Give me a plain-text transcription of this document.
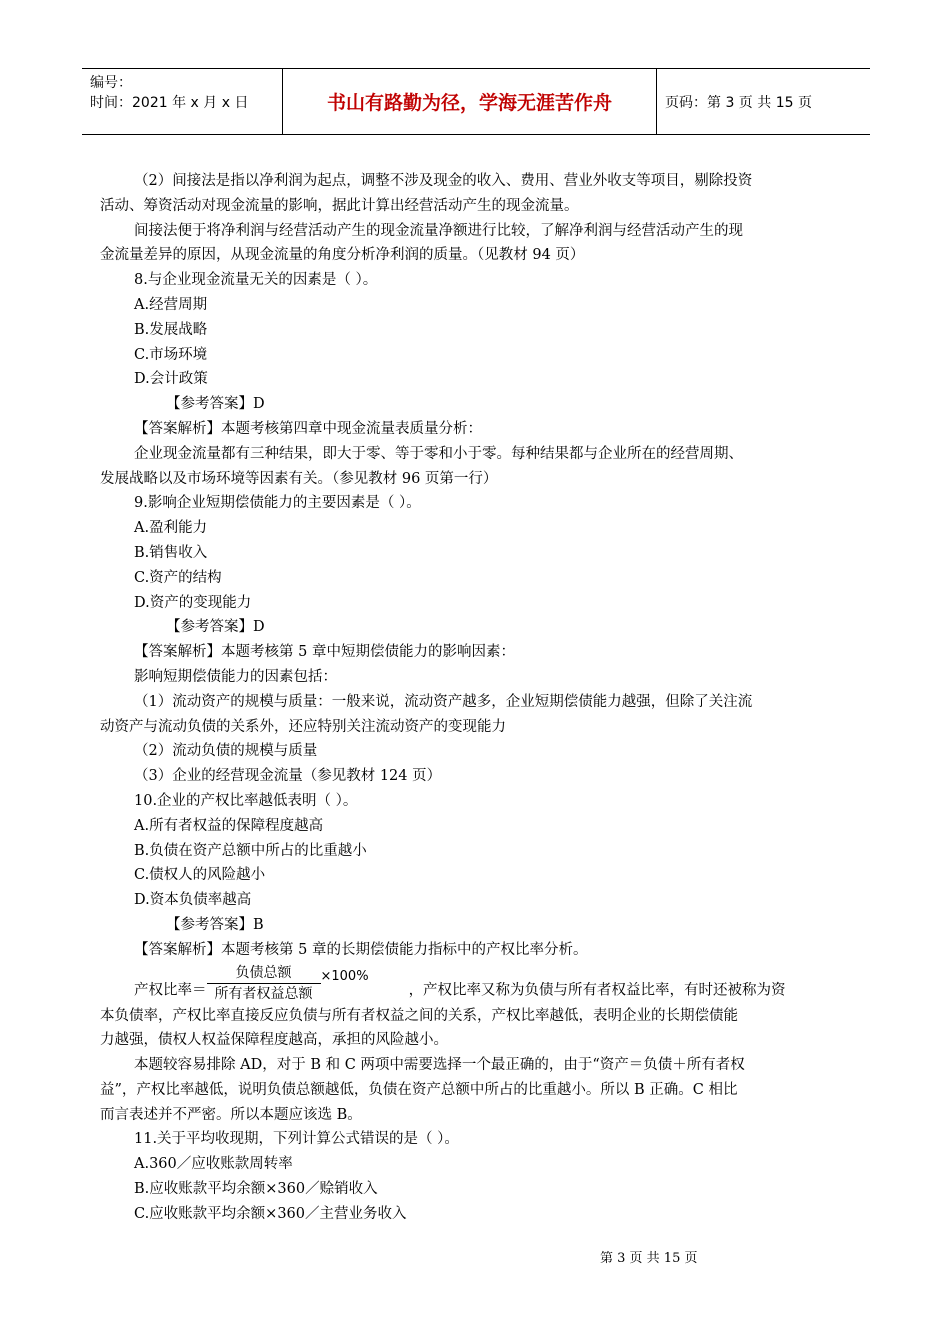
编号：
时间：2021 年 x 月 x 日	书山有路勤为径，学海无涯苦作舟	页码：第 3 页 共 15 页

（2）间接法是指以净利润为起点，调整不涉及现金的收入、费用、营业外收支等项目，剔除投资

活动、筹资活动对现金流量的影响，据此计算出经营活动产生的现金流量。

间接法便于将净利润与经营活动产生的现金流量净额进行比较，了解净利润与经营活动产生的现

金流量差异的原因，从现金流量的角度分析净利润的质量。（见教材 94 页）

8.与企业现金流量无关的因素是（ ）。

A.经营周期

B.发展战略

C.市场环境

D.会计政策

【参考答案】D

【答案解析】本题考核第四章中现金流量表质量分析：

企业现金流量都有三种结果，即大于零、等于零和小于零。每种结果都与企业所在的经营周期、

发展战略以及市场环境等因素有关。（参见教材 96 页第一行）

9.影响企业短期偿债能力的主要因素是（ ）。

A.盈利能力

B.销售收入

C.资产的结构

D.资产的变现能力

【参考答案】D

【答案解析】本题考核第 5 章中短期偿债能力的影响因素：

影响短期偿债能力的因素包括：

（1）流动资产的规模与质量：一般来说，流动资产越多，企业短期偿债能力越强，但除了关注流

动资产与流动负债的关系外，还应特别关注流动资产的变现能力

（2）流动负债的规模与质量

（3）企业的经营现金流量（参见教材 124 页）

10.企业的产权比率越低表明（ ）。

A.所有者权益的保障程度越高

B.负债在资产总额中所占的比重越小

C.债权人的风险越小

D.资本负债率越高

【参考答案】B

【答案解析】本题考核第 5 章的长期偿债能力指标中的产权比率分析。

产权比率＝ $\frac{\text{负债总额}}{\text{所有者权益总额}} \times 100\%$，产权比率又称为负债与所有者权益比率，有时还被称为资

本负债率，产权比率直接反应负债与所有者权益之间的关系，产权比率越低，表明企业的长期偿债能

力越强，债权人权益保障程度越高，承担的风险越小。

本题较容易排除 AD，对于 B 和 C 两项中需要选择一个最正确的，由于“资产＝负债＋所有者权

益”，产权比率越低，说明负债总额越低，负债在资产总额中所占的比重越小。所以 B 正确。C 相比

而言表述并不严密。所以本题应该选 B。

11.关于平均收现期，下列计算公式错误的是（ ）。

A.360／应收账款周转率

B.应收账款平均余额×360／赊销收入

C.应收账款平均余额×360／主营业务收入

第 3 页 共 15 页
